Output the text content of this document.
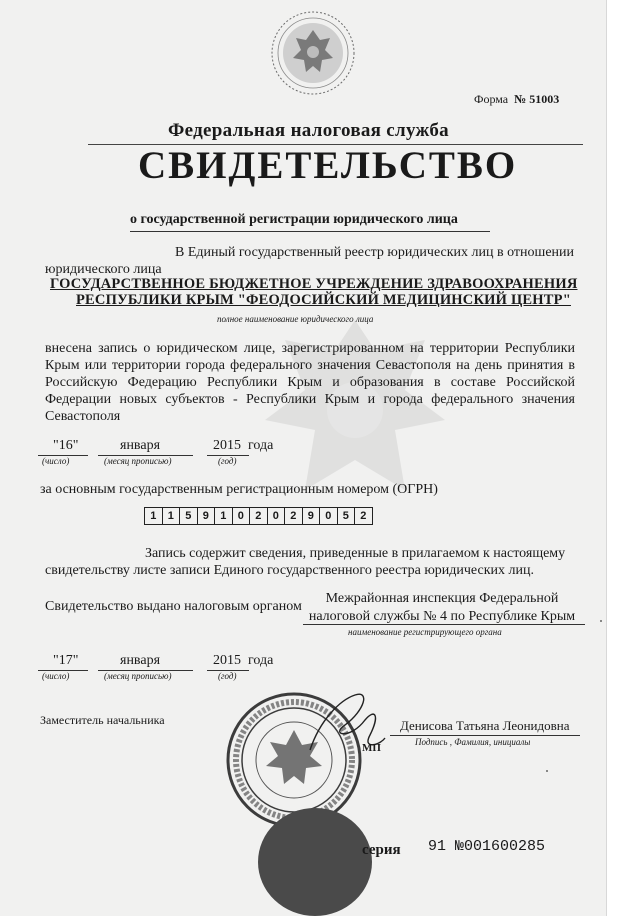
Форма № 51003
Федеральная налоговая служба
СВИДЕТЕЛЬСТВО
о государственной регистрации юридического лица
В Единый государственный реестр юридических лиц в отношении
юридического лица
ГОСУДАРСТВЕННОЕ БЮДЖЕТНОЕ УЧРЕЖДЕНИЕ ЗДРАВООХРАНЕНИЯ
РЕСПУБЛИКИ КРЫМ "ФЕОДОСИЙСКИЙ МЕДИЦИНСКИЙ ЦЕНТР"
полное наименование юридического лица
внесена запись о юридическом лице, зарегистрированном на территории Республики Крым или территории города федерального значения Севастополя на день принятия в Российскую Федерацию Республики Крым и образования в составе Российской Федерации новых субъектов - Республики Крым и города федерального значения Севастополя
"16"
(число)
января
(месяц прописью)
2015 года
(год)
за основным государственным регистрационным номером (ОГРН)
1	1	5	9	1	0	2	0	2	9	0	5	2
Запись содержит сведения, приведенные в прилагаемом к настоящему
свидетельству листе записи Единого государственного реестра юридических лиц.
Свидетельство выдано налоговым органом
Межрайонная инспекция Федеральной
налоговой службы № 4 по Республике Крым
наименование регистрирующего органа
"17"
(число)
января
(месяц прописью)
2015 года
(год)
Заместитель начальника	Денисова Татьяна Леонидовна
Подпись , Фамилия, инициалы
МП
серия 91 №001600285
